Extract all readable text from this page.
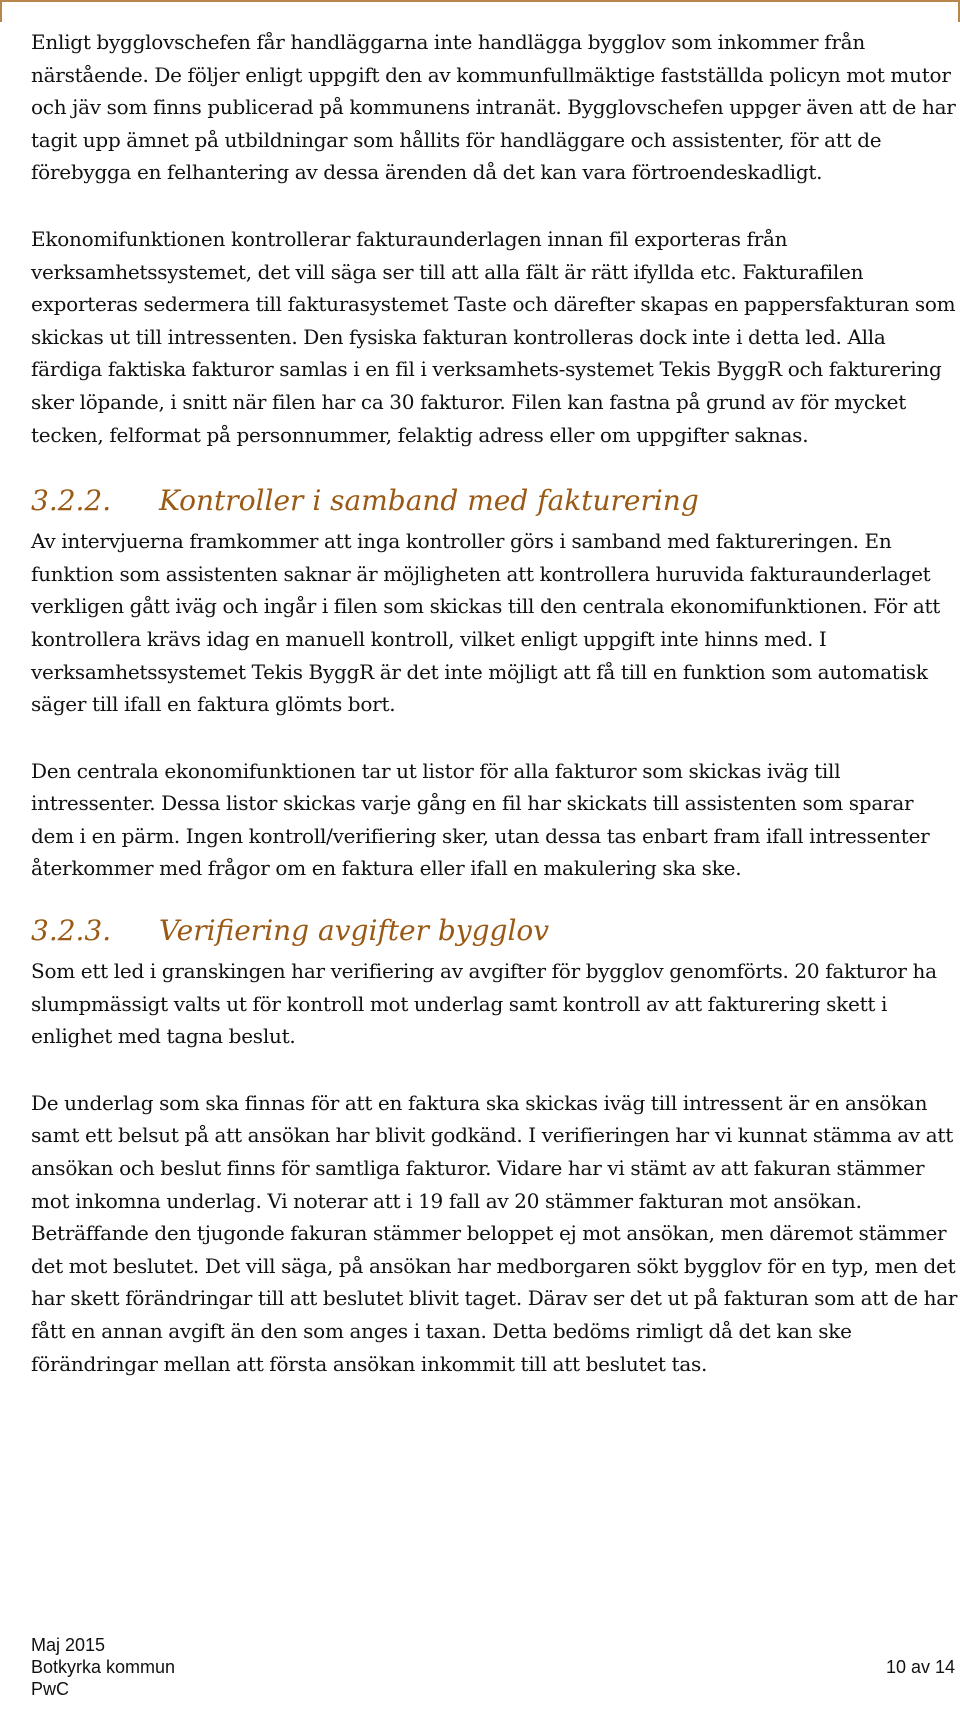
Enligt bygglovschefen får handläggarna inte handlägga bygglov som inkommer från närstående. De följer enligt uppgift den av kommunfullmäktige fastställda policyn mot mutor och jäv som finns publicerad på kommunens intranät. Bygglovschefen uppger även att de har tagit upp ämnet på utbildningar som hållits för handläggare och assistenter, för att de förebygga en felhantering av dessa ärenden då det kan vara förtroendeskadligt.

Ekonomifunktionen kontrollerar fakturaunderlagen innan fil exporteras från verksamhetssystemet, det vill säga ser till att alla fält är rätt ifyllda etc. Fakturafilen exporteras sedermera till fakturasystemet Taste och därefter skapas en pappersfakturan som skickas ut till intressenten. Den fysiska fakturan kontrolleras dock inte i detta led. Alla färdiga faktiska fakturor samlas i en fil i verksamhets-systemet Tekis ByggR och fakturering sker löpande, i snitt när filen har ca 30 fakturor. Filen kan fastna på grund av för mycket tecken, felformat på personnummer, felaktig adress eller om uppgifter saknas.

3.2.2.	Kontroller i samband med fakturering

Av intervjuerna framkommer att inga kontroller görs i samband med faktureringen. En funktion som assistenten saknar är möjligheten att kontrollera huruvida fakturaunderlaget verkligen gått iväg och ingår i filen som skickas till den centrala ekonomifunktionen. För att kontrollera krävs idag en manuell kontroll, vilket enligt uppgift inte hinns med. I verksamhetssystemet Tekis ByggR är det inte möjligt att få till en funktion som automatisk säger till ifall en faktura glömts bort.

Den centrala ekonomifunktionen tar ut listor för alla fakturor som skickas iväg till intressenter. Dessa listor skickas varje gång en fil har skickats till assistenten som sparar dem i en pärm. Ingen kontroll/verifiering sker, utan dessa tas enbart fram ifall intressenter återkommer med frågor om en faktura eller ifall en makulering ska ske.

3.2.3.	Verifiering avgifter bygglov

Som ett led i granskingen har verifiering av avgifter för bygglov genomförts. 20 fakturor ha slumpmässigt valts ut för kontroll mot underlag samt kontroll av att fakturering skett i enlighet med tagna beslut.

De underlag som ska finnas för att en faktura ska skickas iväg till intressent är en ansökan samt ett belsut på att ansökan har blivit godkänd. I verifieringen har vi kunnat stämma av att ansökan och beslut finns för samtliga fakturor. Vidare har vi stämt av att fakuran stämmer mot inkomna underlag. Vi noterar att i 19 fall av 20 stämmer fakturan mot ansökan. Beträffande den tjugonde fakuran stämmer beloppet ej mot ansökan, men däremot stämmer det mot beslutet. Det vill säga, på ansökan har medborgaren sökt bygglov för en typ, men det har skett förändringar till att beslutet blivit taget. Därav ser det ut på fakturan som att de har fått en annan avgift än den som anges i taxan. Detta bedöms rimligt då det kan ske förändringar mellan att första ansökan inkommit till att beslutet tas.

Maj 2015
Botkyrka kommun
PwC
10 av 14
